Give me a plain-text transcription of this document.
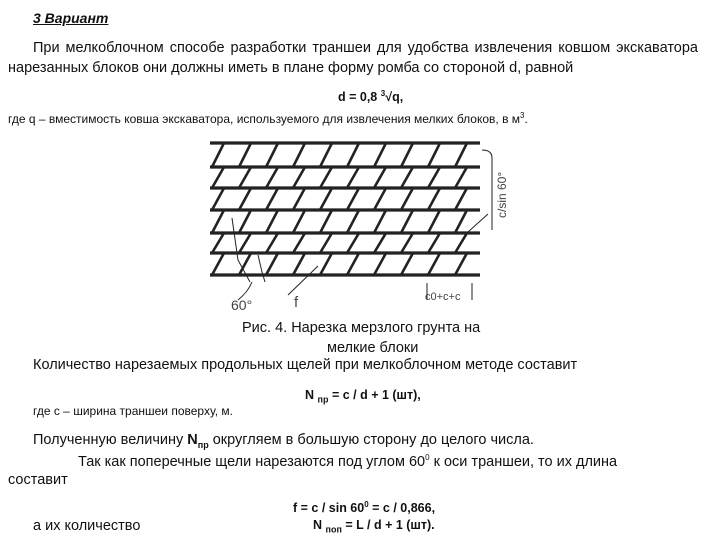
3 Вариант
При мелкоблочном способе разработки траншеи для удобства извлечения ковшом экскаватора нарезанных блоков они должны иметь в плане форму ромба со стороной d, равной
d = 0,8 $^3$√q,
где q – вместимость ковша экскаватора, используемого для извлечения мелких блоков, в $м^3$.
c/sin 60°
60°	f	c0+c+c
Рис. 4. Нарезка мерзлого грунта на
мелкие блоки
Количество нарезаемых продольных щелей при мелкоблочном методе составит
N $_{пр}$ = с / d + 1 (шт),
где с – ширина траншеи поверху, м.
Полученную величину $N_{пр}$ округляем в большую сторону до целого числа.
Так как поперечные щели нарезаются под углом $60^0$ к оси траншеи, то их длина
составит
$f = c / \sin 60^0 = c / 0,866$,
а их количество	N $_{поп}$ = L / d + 1 (шт).
